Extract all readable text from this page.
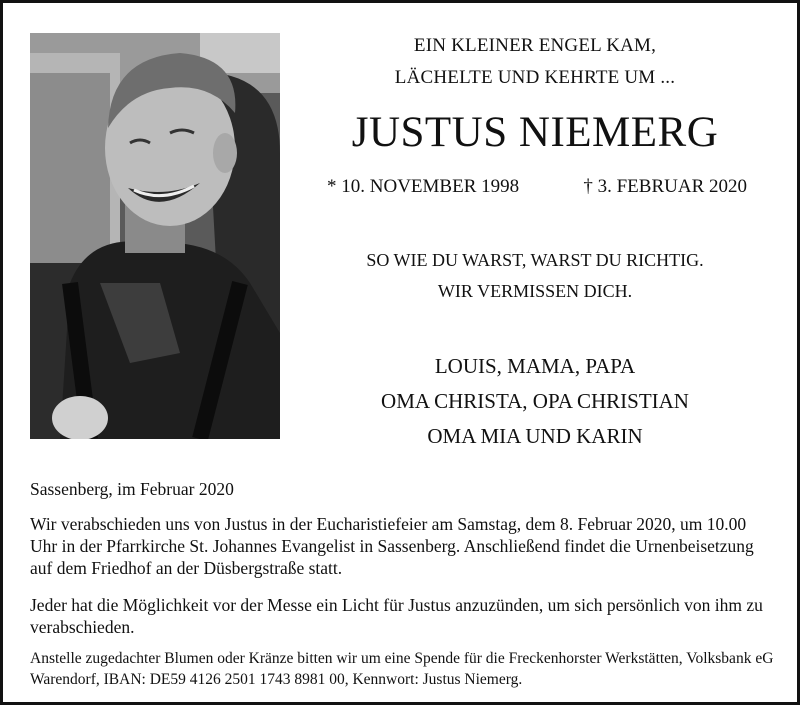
EIN KLEINER ENGEL KAM,
LÄCHELTE UND KEHRTE UM ...
JUSTUS NIEMERG
* 10. NOVEMBER 1998	† 3. FEBRUAR 2020
SO WIE DU WARST, WARST DU RICHTIG.
WIR VERMISSEN DICH.
LOUIS, MAMA, PAPA
OMA CHRISTA, OPA CHRISTIAN
OMA MIA UND KARIN

Sassenberg, im Februar 2020

Wir verabschieden uns von Justus in der Eucharistiefeier am Samstag, dem 8. Februar 2020, um 10.00 Uhr in der Pfarrkirche St. Johannes Evangelist in Sassenberg. Anschließend findet die Urnenbeisetzung auf dem Friedhof an der Düsbergstraße statt.

Jeder hat die Möglichkeit vor der Messe ein Licht für Justus anzuzünden, um sich persönlich von ihm zu verabschieden.

Anstelle zugedachter Blumen oder Kränze bitten wir um eine Spende für die Freckenhorster Werkstätten, Volksbank eG Warendorf, IBAN: DE59 4126 2501 1743 8981 00, Kennwort: Justus Niemerg.
